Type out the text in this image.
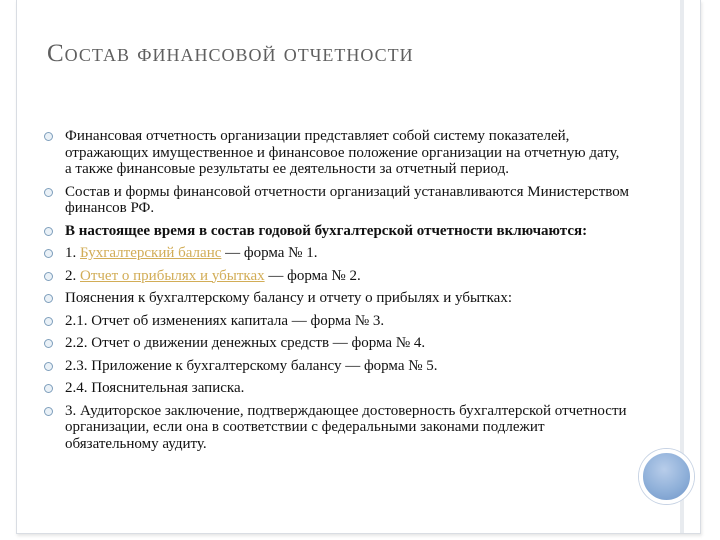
Состав финансовой отчетности
Финансовая отчетность организации представляет собой систему показателей, отражающих имущественное и финансовое положение организации на отчетную дату, а также финансовые результаты ее деятельности за отчетный период.
Состав и формы финансовой отчетности организаций устанавливаются Министерством финансов РФ.
В настоящее время в состав годовой бухгалтерской отчетности включаются:
1. Бухгалтерский баланс — форма № 1.
2. Отчет о прибылях и убытках — форма № 2.
Пояснения к бухгалтерскому балансу и отчету о прибылях и убытках:
2.1. Отчет об изменениях капитала — форма № 3.
2.2. Отчет о движении денежных средств — форма № 4.
2.3. Приложение к бухгалтерскому балансу — форма № 5.
2.4. Пояснительная записка.
3. Аудиторское заключение, подтверждающее достоверность бухгалтерской отчетности организации, если она в соответствии с федеральными законами подлежит обязательному аудиту.
